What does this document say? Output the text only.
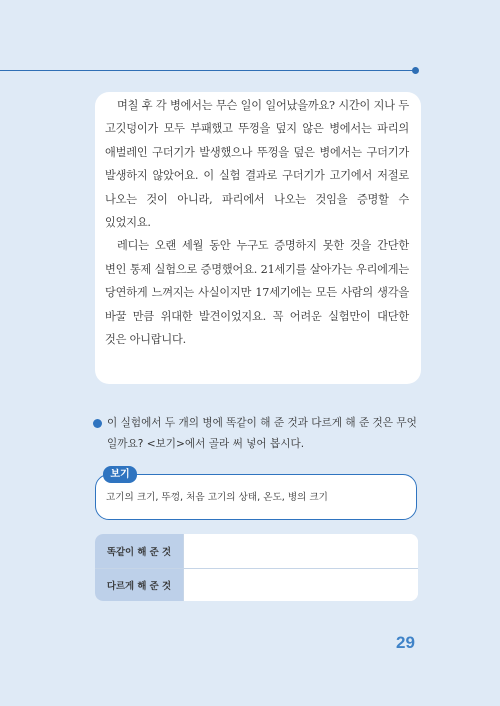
며칠 후 각 병에서는 무슨 일이 일어났을까요? 시간이 지나 두 고깃덩이가 모두 부패했고 뚜껑을 덮지 않은 병에서는 파리의 애벌레인 구더기가 발생했으나 뚜껑을 덮은 병에서는 구더기가 발생하지 않았어요. 이 실험 결과로 구더기가 고기에서 저절로 나오는 것이 아니라, 파리에서 나오는 것임을 증명할 수 있었지요.

레디는 오랜 세월 동안 누구도 증명하지 못한 것을 간단한 변인 통제 실험으로 증명했어요. 21세기를 살아가는 우리에게는 당연하게 느껴지는 사실이지만 17세기에는 모든 사람의 생각을 바꿀 만큼 위대한 발견이었지요. 꼭 어려운 실험만이 대단한 것은 아니랍니다.

이 실험에서 두 개의 병에 똑같이 해 준 것과 다르게 해 준 것은 무엇일까요? <보기>에서 골라 써 넣어 봅시다.
보기
고기의 크기, 뚜껑, 처음 고기의 상태, 온도, 병의 크기
똑같이 해 준 것
다르게 해 준 것
29
